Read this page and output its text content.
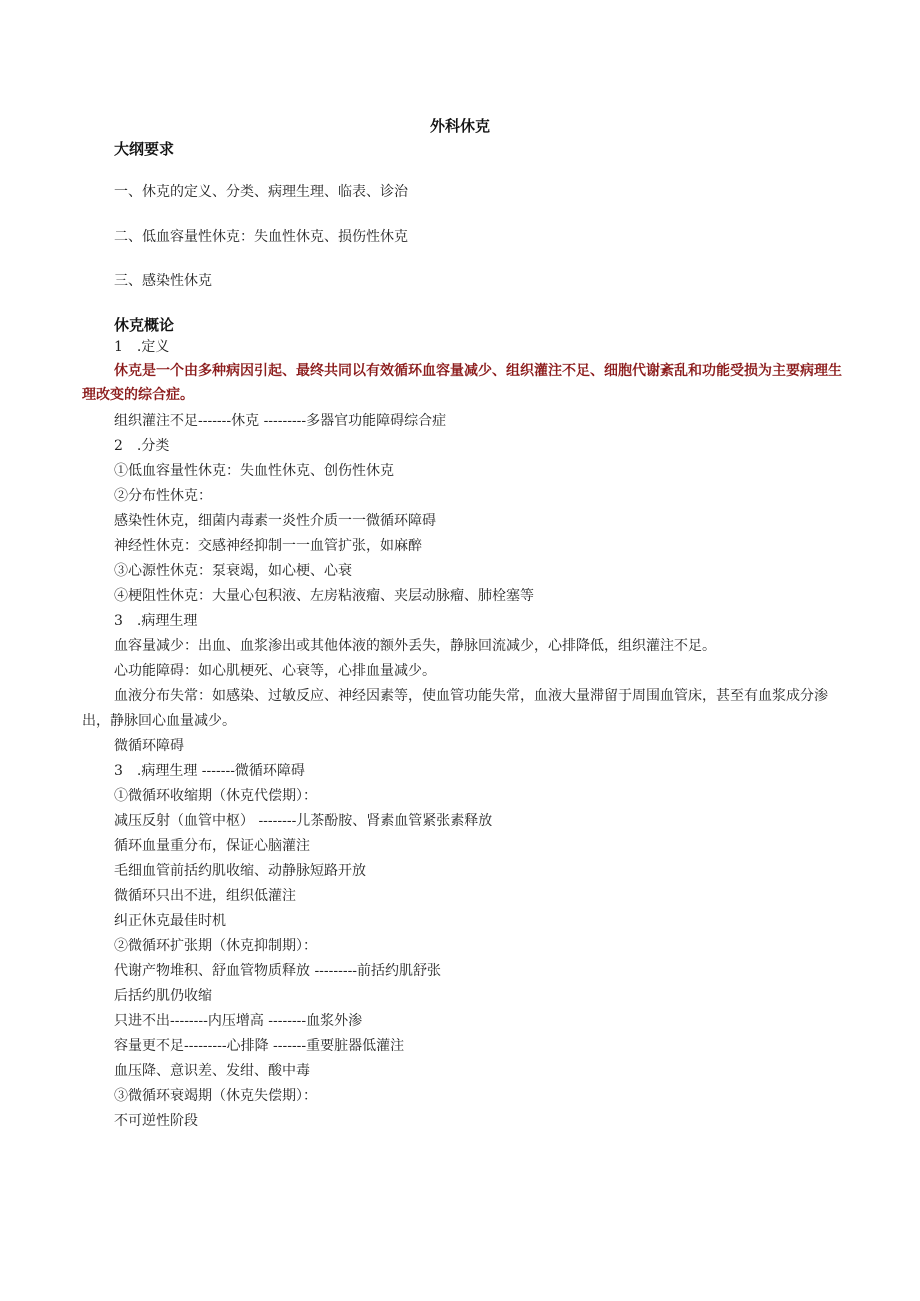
外科休克
大纲要求
一、休克的定义、分类、病理生理、临表、诊治
二、低血容量性休克：失血性休克、损伤性休克
三、感染性休克
休克概论
1　.定义
休克是一个由多种病因引起、最终共同以有效循环血容量减少、组织灌注不足、细胞代谢紊乱和功能受损为主要病理生理改变的综合症。
组织灌注不足-------休克 ---------多器官功能障碍综合症
2　.分类
①低血容量性休克：失血性休克、创伤性休克
②分布性休克：
感染性休克，细菌内毒素一炎性介质一一微循环障碍
神经性休克：交感神经抑制一一血管扩张，如麻醉
③心源性休克：泵衰竭，如心梗、心衰
④梗阻性休克：大量心包积液、左房粘液瘤、夹层动脉瘤、肺栓塞等
3　.病理生理
血容量减少：出血、血浆渗出或其他体液的额外丢失，静脉回流减少，心排降低，组织灌注不足。
心功能障碍：如心肌梗死、心衰等，心排血量减少。
血液分布失常：如感染、过敏反应、神经因素等，使血管功能失常，血液大量滞留于周围血管床，甚至有血浆成分渗出，静脉回心血量减少。
微循环障碍
3　.病理生理 -------微循环障碍
①微循环收缩期（休克代偿期）：
减压反射（血管中枢） --------儿茶酚胺、肾素血管紧张素释放
循环血量重分布，保证心脑灌注
毛细血管前括约肌收缩、动静脉短路开放
微循环只出不进，组织低灌注
纠正休克最佳时机
②微循环扩张期（休克抑制期）：
代谢产物堆积、舒血管物质释放 ---------前括约肌舒张
后括约肌仍收缩
只进不出--------内压增高 --------血浆外渗
容量更不足---------心排降 -------重要脏器低灌注
血压降、意识差、发绀、酸中毒
③微循环衰竭期（休克失偿期）：
不可逆性阶段
